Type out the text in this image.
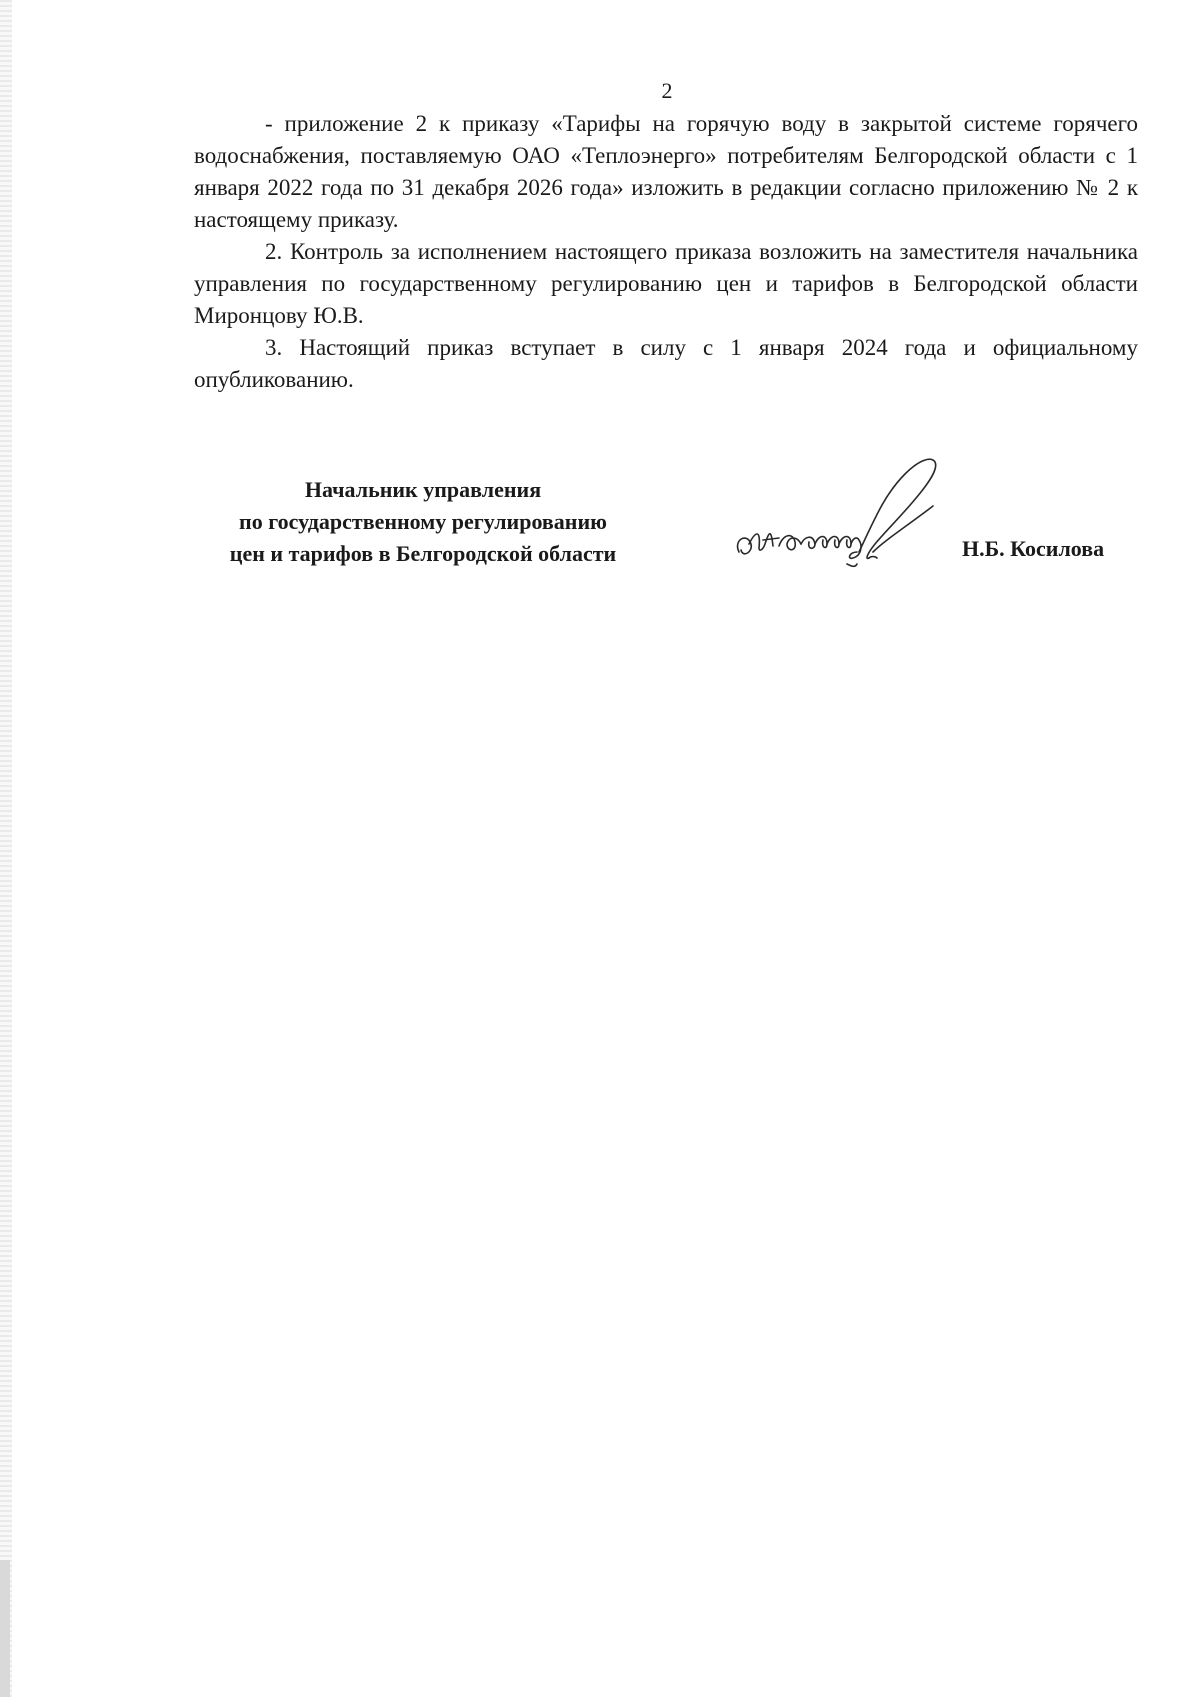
2

- приложение 2 к приказу «Тарифы на горячую воду в закрытой системе горячего водоснабжения, поставляемую ОАО «Теплоэнерго» потребителям Белгородской области с 1 января 2022 года по 31 декабря 2026 года» изложить в редакции согласно приложению № 2 к настоящему приказу.

2. Контроль за исполнением настоящего приказа возложить на заместителя начальника управления по государственному регулированию цен и тарифов в Белгородской области Миронцову Ю.В.

3. Настоящий приказ вступает в силу с 1 января 2024 года и официальному опубликованию.

Начальник управления
по государственному регулированию
цен и тарифов в Белгородской области	Н.Б. Косилова
